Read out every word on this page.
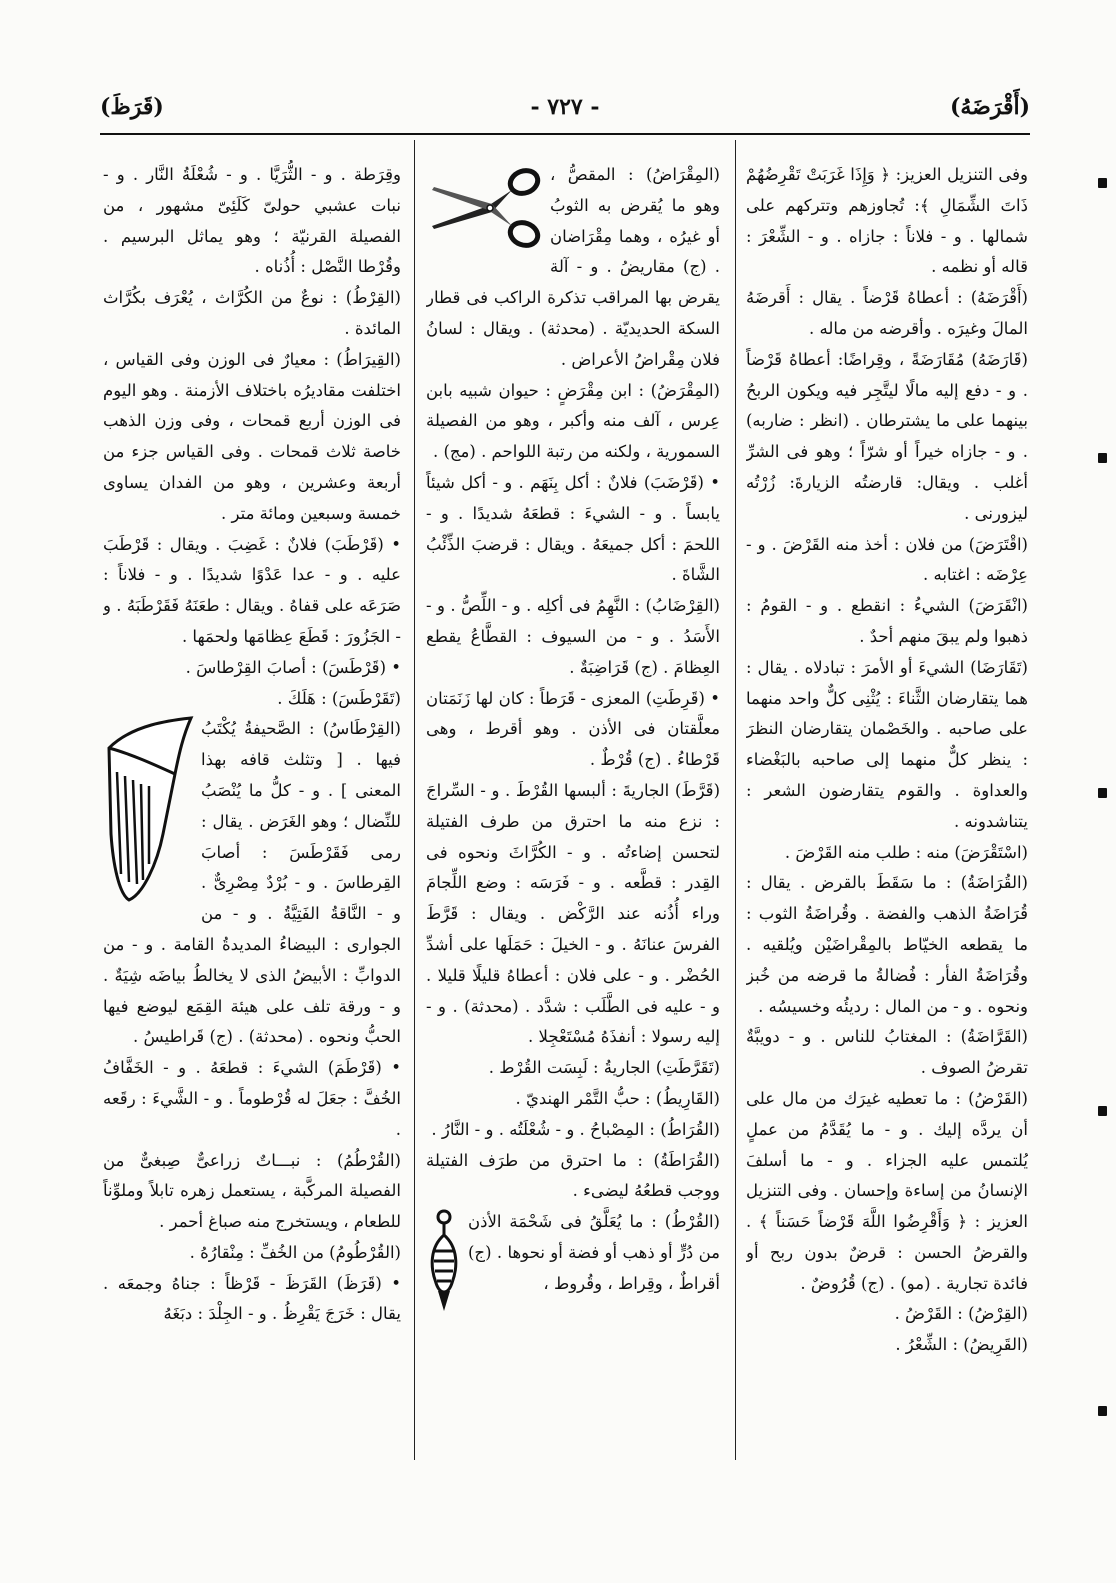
(أَقْرَضَهُ)
- ٧٢٧ -
(قَرَظَ)

وفى التنزيل العزيز: ﴿ وَإِذَا غَرَبَتْ تَقْرِضُهُمْ ذَاتَ الشِّمَالِ ﴾: تُجاوزهم وتتركهم على شمالها . و - فلاناً : جازاه . و - الشِّعْرَ : قاله أو نظمه .

(أَقْرَضَهُ) : أعطاهُ قَرْضاً . يقال : أَقرضَهُ المالَ وغيرَه . وأقرضه من ماله .

(قَارَضَهُ) مُقَارَضَةً ، وقِراضًا: أعطاهُ قَرْضاً . و - دفع إليه مالًا ليتَّجِر فيه ويكون الربحُ بينهما على ما يشترطان . (انظر : ضاربه) . و - جازاه خيراً أو شرّاً ؛ وهو فى الشرِّ أغلب . ويقال: قارضتُه الزيارةَ: زُرْتُه ليزورنى .

(اقْتَرَضَ) من فلان : أخذ منه القَرْضَ . و - عِرْضَه : اغتابه .

(انْقَرَضَ) الشيءُ : انقطع . و - القومُ : ذهبوا ولم يبقَ منهم أحدٌ .

(تَقَارَضَا) الشيءَ أو الأمرَ : تبادلاه . يقال : هما يتقارضان الثَّناءَ : يُثْنِى كلٌّ واحد منهما على صاحبه . والخَصْمان يتقارضان النظرَ : ينظر كلٌّ منهما إلى صاحبه بالبَغْضاء والعداوة . والقوم يتقارضون الشعر : يتناشدونه .

(اسْتَقْرَضَ) منه : طلب منه القَرْضَ .

(القُرَاضَةُ) : ما سَقَطَ بالقرض . يقال : قُرَاضَةُ الذهب والفضة . وقُراضَةُ الثوب : ما يقطعه الخيّاط بالمِقْراضَيْن ويُلقيه . وقُرَاضَةُ الفأر : فُضالةُ ما قرضه من خُبز ونحوه . و - من المال : رديئُه وخسيسُه .

(القَرَّاضَةُ) : المغتابُ للناس . و - دويبَّةٌ تقرضُ الصوف .

(القَرْضُ) : ما تعطيه غيرَك من مال على أن يردَّه إليك . و - ما يُقَدَّمُ من عملٍ يُلتمس عليه الجزاء . و - ما أسلفَ الإنسانُ من إساءة وإحسان . وفى التنزيل العزيز : ﴿ وَأَقْرِضُوا اللَّهَ قَرْضاً حَسَناً ﴾ . والقرضُ الحسن : قرضٌ بدون ربح أو فائدة تجارية . (مو) . (ج) قُرُوضٌ .

(القِرْضُ) : القَرْضُ .

(القَرِيضُ) : الشِّعْرُ .

(المِقْرَاضُ) : المقصُّ ، وهو ما يُقرض به الثوبُ أو غيرُه ، وهما مِقْرَاضان . (ج) مقاريضُ . و - آلة يقرض بها المراقب تذكرة الراكب فى قطار السكة الحديديّة . (محدثة) . ويقال : لسانُ فلان مِقْراضُ الأعراض .

(المِقْرَضُ) : ابن مِقْرَضٍ : حيوان شبيه بابن عِرس ، آلف منه وأكبر ، وهو من الفصيلة السمورية ، ولكنه من رتبة اللواحم . (مج) .

• (قَرْضَبَ) فلانٌ : أكل بِنَهَم . و - أكل شيئاً يابساً . و - الشيءَ : قطعَهُ شديدًا . و - اللحمَ : أكل جميعَهُ . ويقال : قرضبَ الذِّئْبُ الشَّاةَ .

(القِرْضَابُ) : النَّهِمُ فى أكلِه . و - اللِّصُّ . و - الأَسَدُ . و - من السيوف : القطَّاعُ يقطع العِظامَ . (ج) قَرَاضِبَةٌ .

• (قَرِطَتِ) المعزى - قَرَطاً : كان لها زَنَمَتان معلَّقتان فى الأذن . وهو أقرط ، وهى قَرْطاءُ . (ج) قُرْطٌ .

(قَرَّطَ) الجاريةَ : ألبسها القُرْطَ . و - السِّراجَ : نزع منه ما احترق من طرف الفتيلة لتحسن إضاءتُه . و - الكُرَّاثَ ونحوه فى القِدر : قطَّعه . و - فَرَسَه : وضع اللِّجامَ وراء أُذُنه عند الرَّكْض . ويقال : قَرَّطَ الفرسَ عنانَهُ . و - الخيلَ : حَمَلَها على أشدِّ الحُضْر . و - على فلان : أعطاهُ قليلًا قليلا . و - عليه فى الطَّلَب : شدَّد . (محدثة) . و - إليه رسولا : أنفذَهُ مُسْتَعْجِلا .

(تَقَرَّطَتِ) الجاريةُ : لَبِسَت القُرْط .

(القَارِيطُ) : حبُّ التَّمْر الهنديّ .

(القُرَاطُ) : المِصْباحُ . و - شُعْلَتُه . و - النَّارُ .

(القُرَاطَةُ) : ما احترق من طرَف الفتيلة ووجب قطعُهُ ليضىء .

(القُرْطُ) : ما يُعَلَّقُ فى شَحْمَة الأذن من دُرٍّ أو ذهب أو فضة أو نحوها . (ج) أقراطٌ ، وقِراط ، وقُروط ،

وقِرَطة . و - الثُّرَيَّا . و - شُعْلَةُ النَّار . و - نبات عشبي حولىّ كَلَئِىّ مشهور ، من الفصيلة القرنيّة ؛ وهو يماثل البرسيم . وقُرْطا النَّصْل : أُذُناه .

(القِرْطُ) : نوعٌ من الكُرَّاث ، يُعْرَف بكُرَّاث المائدة .

(القِيرَاطُ) : معيارٌ فى الوزن وفى القياس ، اختلفت مقاديرُه باختلاف الأزمنة . وهو اليوم فى الوزن أربع قمحات ، وفى وزن الذهب خاصة ثلاث قمحات . وفى القياس جزء من أربعة وعشرين ، وهو من الفدان يساوى خمسة وسبعين ومائة متر .

• (قَرْطَبَ) فلانٌ : غَضِبَ . ويقال : قَرْطَبَ عليه . و - عدا عَدْوًا شديدًا . و - فلاناً : صَرَعَه على قفاهُ . ويقال : طعَنَهُ فَقَرْطَبَهُ . و - الجَزُورَ : قَطَعَ عِظامَها ولحمَها .

• (قَرْطَسَ) : أصابَ القِرْطاسَ .

(تَقَرْطَسَ) : هَلَكَ .

(القِرْطَاسُ) : الصَّحيفةُ يُكْتَبُ فيها . [ وتثلث قافه بهذا المعنى ] . و - كلُّ ما يُنْصَبُ للنِّضال ؛ وهو الغَرَض . يقال : رمى فَقَرْطَسَ : أصابَ القِرطاسَ . و - بُرْدٌ مِصْرِىٌّ . و - النَّاقةُ الفَتِيَّةُ . و - من الجوارى : البيضاءُ المديدةُ القامة . و - من الدوابِّ : الأبيضُ الذى لا يخالطُ بياضَه شِيَةٌ . و - ورقة تلف على هيئة القِمَع ليوضع فيها الحبُّ ونحوه . (محدثة) . (ج) قَراطيسُ .

• (قَرْطَمَ) الشيءَ : قطعَهُ . و - الخَفَّافُ الخُفَّ : جعَلَ له قُرْطوماً . و - الشَّيءَ : رقَعه .

(القُرْطُمُ) : نبـــاتٌ زراعىٌّ صِبغىٌّ من الفصيلة المركَّبة ، يستعمل زهره تابلاً وملوِّناً للطعام ، ويستخرج منه صباغ أحمر .

(القُرْطُومُ) من الخُفِّ : مِنْقارُهُ .

• (قَرَظَ) القَرَظَ - قَرْظاً : جناهُ وجمعَه . يقال : خَرَجَ يَقْرِظُ . و - الجِلْدَ : دبَغَهُ
